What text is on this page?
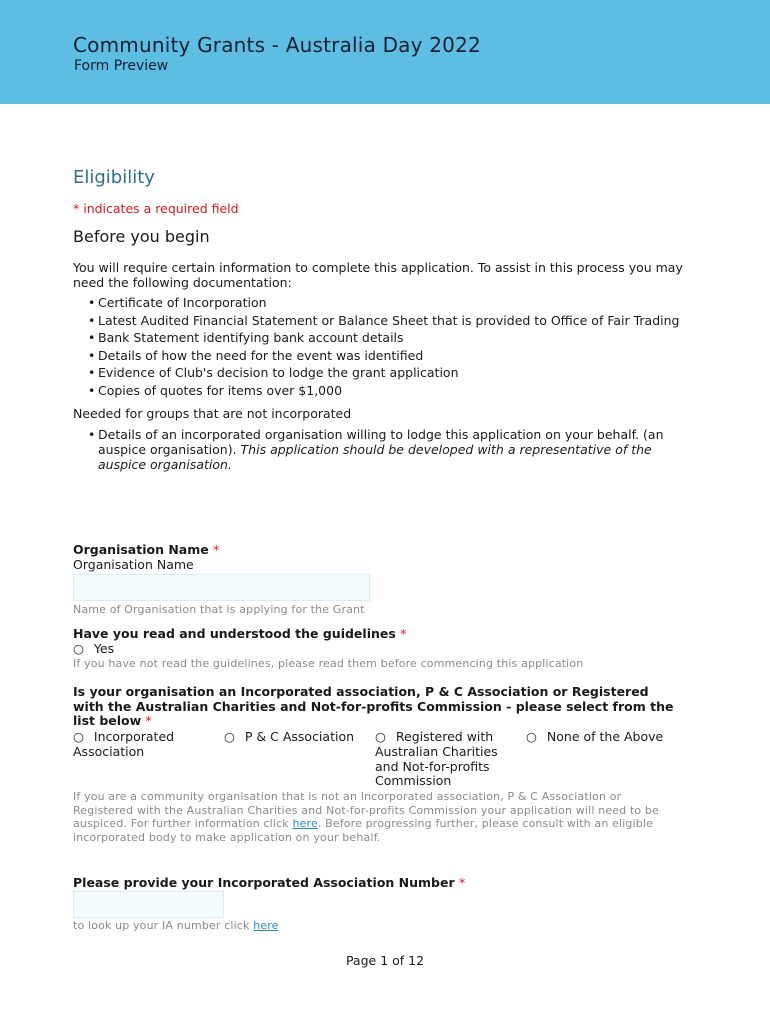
Community Grants - Australia Day 2022
Form Preview
Eligibility
* indicates a required field
Before you begin
You will require certain information to complete this application. To assist in this process you may need the following documentation:
• Certificate of Incorporation
• Latest Audited Financial Statement or Balance Sheet that is provided to Office of Fair Trading
• Bank Statement identifying bank account details
• Details of how the need for the event was identified
• Evidence of Club's decision to lodge the grant application
• Copies of quotes for items over $1,000
Needed for groups that are not incorporated
• Details of an incorporated organisation willing to lodge this application on your behalf. (an auspice organisation). This application should be developed with a representative of the auspice organisation.
Organisation Name *
Organisation Name
Name of Organisation that is applying for the Grant
Have you read and understood the guidelines *
○ Yes
If you have not read the guidelines, please read them before commencing this application
Is your organisation an Incorporated association, P & C Association or Registered with the Australian Charities and Not-for-profits Commission - please select from the list below *
○ Incorporated Association
○ P & C Association	○ Registered with Australian Charities and Not-for-profits Commission
○ None of the Above
If you are a community organisation that is not an Incorporated association, P & C Association or Registered with the Australian Charities and Not-for-profits Commission your application will need to be auspiced. For further information click here. Before progressing further, please consult with an eligible incorporated body to make application on your behalf.
Please provide your Incorporated Association Number *
to look up your IA number click here
Page 1 of 12
